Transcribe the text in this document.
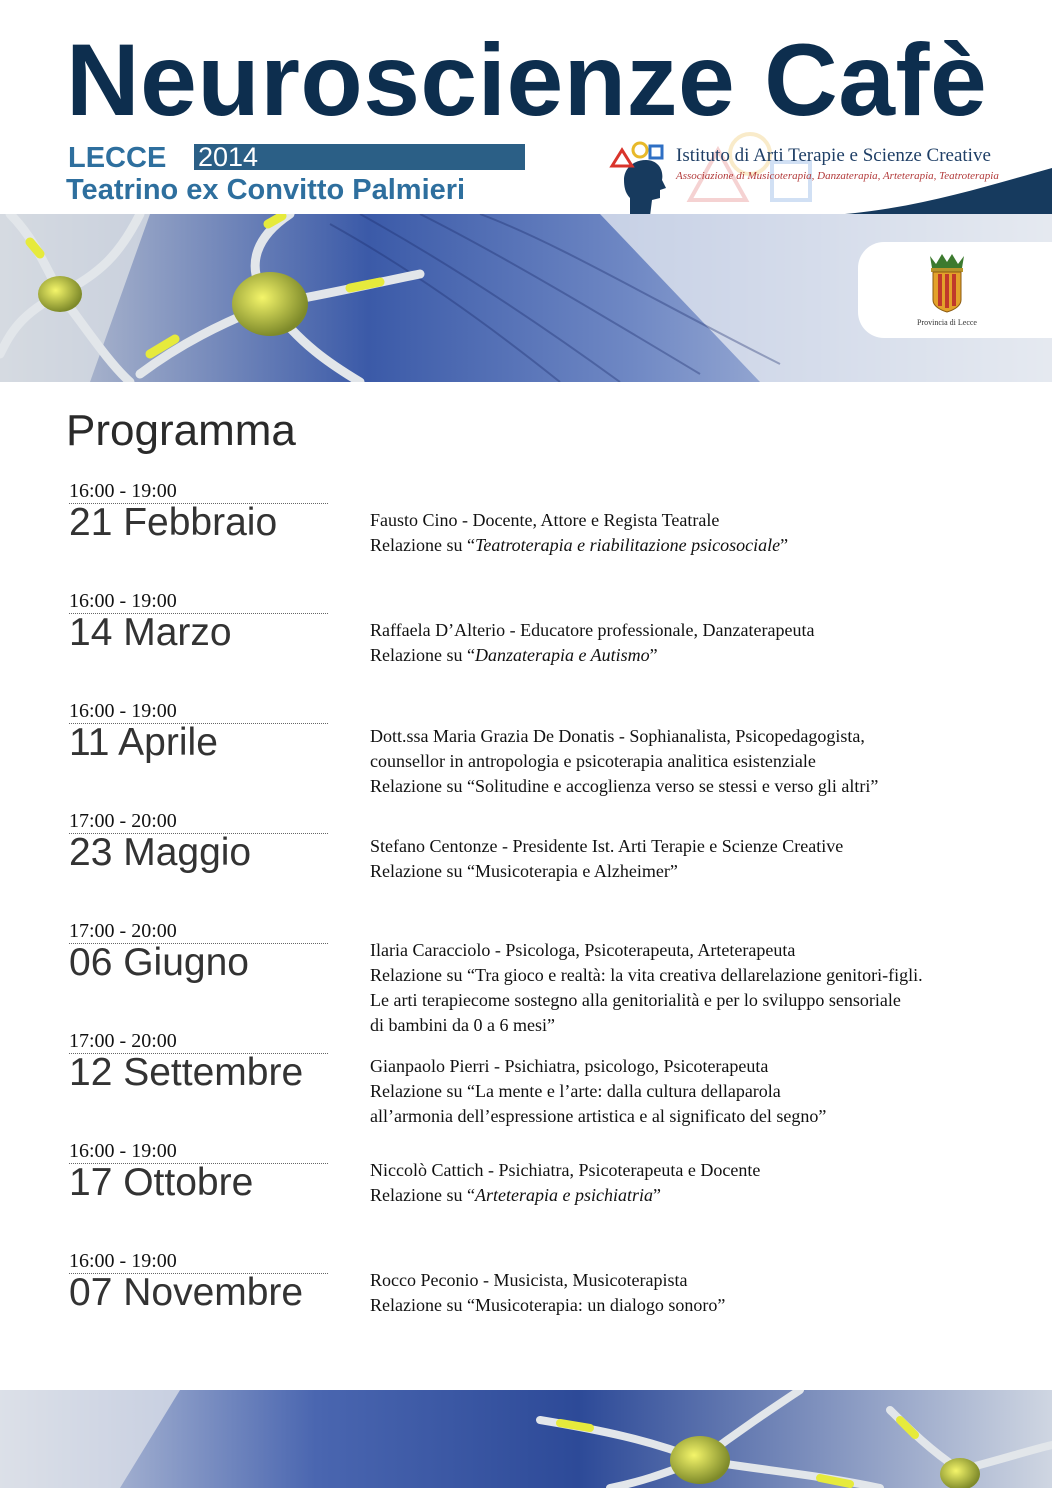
Neuroscienze Cafè
LECCE 2014
Teatrino ex Convitto Palmieri
Istituto di Arti Terapie e Scienze Creative
Associazione di Musicoterapia, Danzaterapia, Arteterapia, Teatroterapia
Provincia di Lecce
Programma
16:00 - 19:00
21 Febbraio	Fausto Cino - Docente, Attore e Regista Teatrale
Relazione su “Teatroterapia e riabilitazione psicosociale”
16:00 - 19:00
14 Marzo	Raffaela D’Alterio - Educatore professionale, Danzaterapeuta
Relazione su “Danzaterapia e Autismo”
16:00 - 19:00
11 Aprile	Dott.ssa Maria Grazia De Donatis - Sophianalista, Psicopedagogista,
counsellor in antropologia e psicoterapia analitica esistenziale
Relazione su “Solitudine e accoglienza verso se stessi e verso gli altri”
17:00 - 20:00
23 Maggio	Stefano Centonze - Presidente Ist. Arti Terapie e Scienze Creative
Relazione su “Musicoterapia e Alzheimer”
17:00 - 20:00
06 Giugno	Ilaria Caracciolo - Psicologa, Psicoterapeuta, Arteterapeuta
Relazione su “Tra gioco e realtà: la vita creativa dellarelazione genitori-figli.
Le arti terapiecome sostegno alla genitorialità e per lo sviluppo sensoriale
di bambini da 0 a 6 mesi”
17:00 - 20:00
12 Settembre	Gianpaolo Pierri - Psichiatra, psicologo, Psicoterapeuta
Relazione su “La mente e l’arte: dalla cultura dellaparola
all’armonia dell’espressione artistica e al significato del segno”
16:00 - 19:00
17 Ottobre	Niccolò Cattich - Psichiatra, Psicoterapeuta e Docente
Relazione su “Arteterapia e psichiatria”
16:00 - 19:00
07 Novembre	Rocco Peconio - Musicista, Musicoterapista
Relazione su “Musicoterapia: un dialogo sonoro”
